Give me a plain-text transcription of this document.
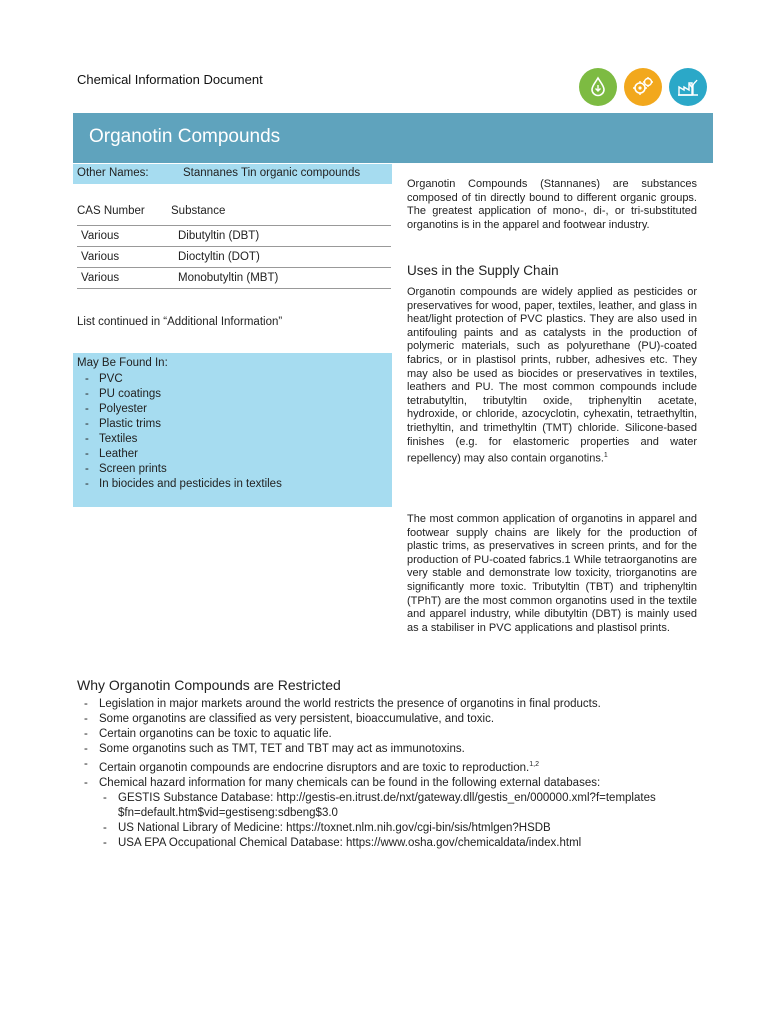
Chemical Information Document
Organotin Compounds
Other Names:	Stannanes Tin organic compounds
CAS Number Substance
Various	Dibutyltin (DBT)
Various	Dioctyltin (DOT)
Various	Monobutyltin (MBT)
List continued in “Additional Information”
May Be Found In:
- PVC
- PU coatings
- Polyester
- Plastic trims
- Textiles
- Leather
- Screen prints
- In biocides and pesticides in textiles
Organotin Compounds (Stannanes) are substances composed of tin directly bound to different organic groups. The greatest application of mono-, di-, or tri-substituted organotins is in the apparel and footwear industry.
Uses in the Supply Chain
Organotin compounds are widely applied as pesticides or preservatives for wood, paper, textiles, leather, and glass in heat/light protection of PVC plastics. They are also used in antifouling paints and as catalysts in the production of polymeric materials, such as polyurethane (PU)-coated fabrics, or in plastisol prints, rubber, adhesives etc. They may also be used as biocides or preservatives in textiles, leathers and PU. The most common compounds include tetrabutyltin, tributyltin oxide, triphenyltin acetate, hydroxide, or chloride, azocyclotin, cyhexatin, tetraethyltin, triethyltin, and trimethyltin (TMT) chloride. Silicone-based finishes (e.g. for elastomeric properties and water repellency) may also contain organotins.$^1$
The most common application of organotins in apparel and footwear supply chains are likely for the production of plastic trims, as preservatives in screen prints, and for the production of PU-coated fabrics.1 While tetraorganotins are very stable and demonstrate low toxicity, triorganotins are significantly more toxic. Tributyltin (TBT) and triphenyltin (TPhT) are the most common organotins used in the textile and apparel industry, while dibutyltin (DBT) is mainly used as a stabiliser in PVC applications and plastisol prints.
Why Organotin Compounds are Restricted
- Legislation in major markets around the world restricts the presence of organotins in final products.
- Some organotins are classified as very persistent, bioaccumulative, and toxic.
- Certain organotins can be toxic to aquatic life.
- Some organotins such as TMT, TET and TBT may act as immunotoxins.
- Certain organotin compounds are endocrine disruptors and are toxic to reproduction.$^{1,2}$
- Chemical hazard information for many chemicals can be found in the following external databases:
- GESTIS Substance Database: http://gestis-en.itrust.de/nxt/gateway.dll/gestis_en/000000.xml?f=templates$fn=default.htm$vid=gestiseng:sdbeng$3.0
- US National Library of Medicine: https://toxnet.nlm.nih.gov/cgi-bin/sis/htmlgen?HSDB
- USA EPA Occupational Chemical Database: https://www.osha.gov/chemicaldata/index.html
